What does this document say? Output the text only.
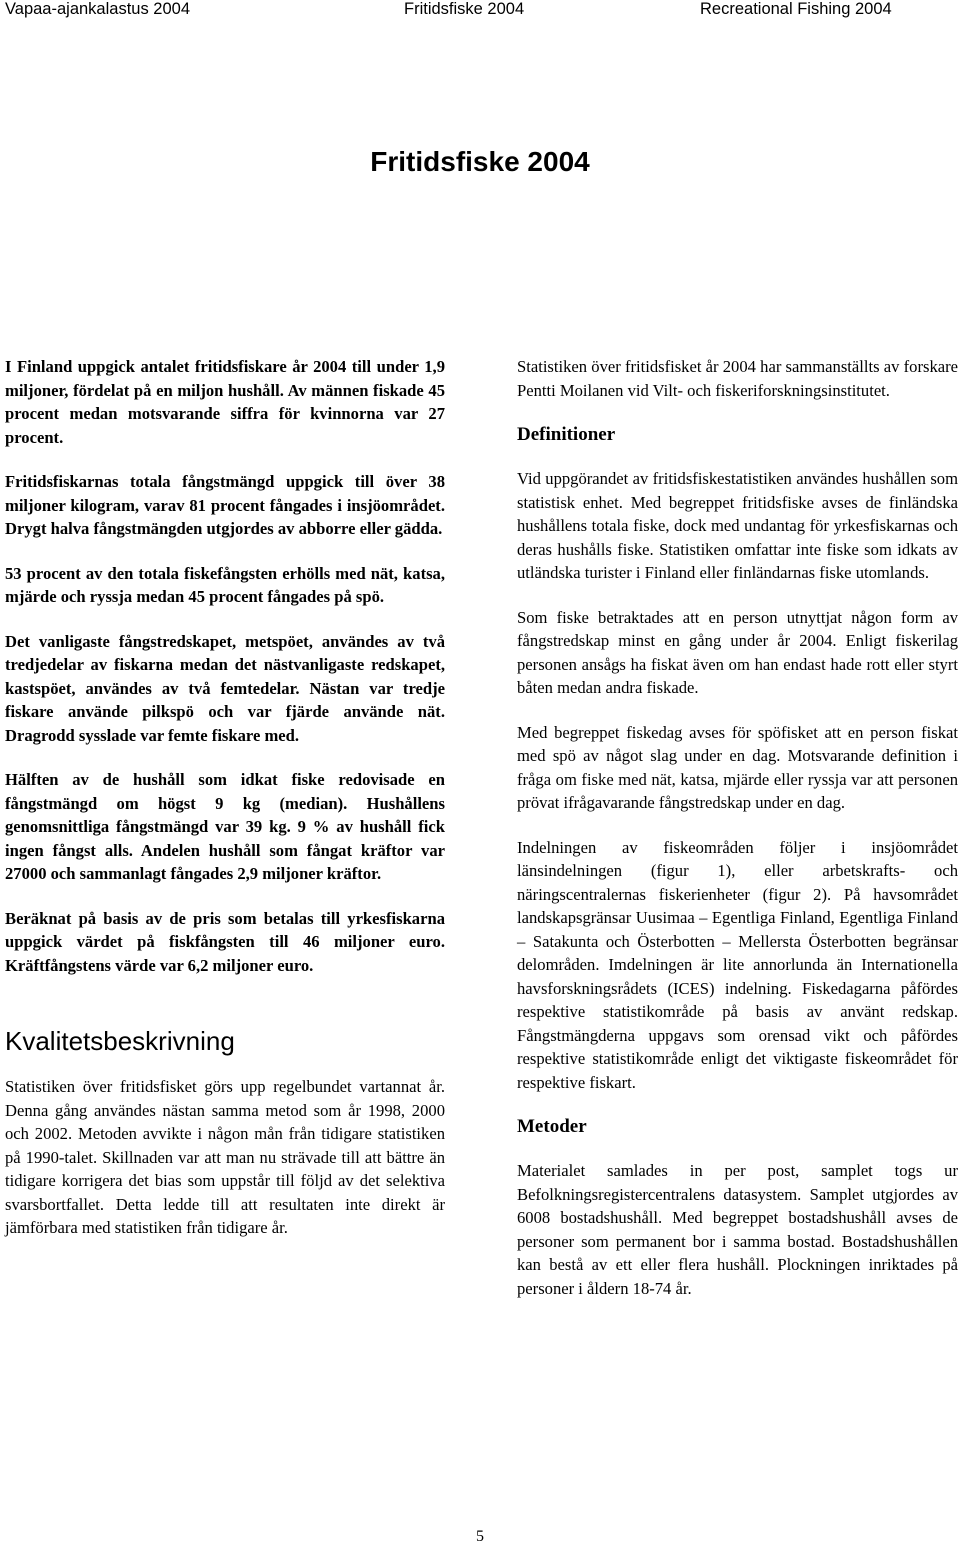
Vapaa-ajankalastus 2004	Fritidsfiske 2004	Recreational Fishing 2004
Fritidsfiske 2004

I Finland uppgick antalet fritidsfiskare år 2004 till under 1,9 miljoner, fördelat på en miljon hushåll. Av männen fiskade 45 procent medan motsvarande siffra för kvinnorna var 27 procent.

Fritidsfiskarnas totala fångstmängd uppgick till över 38 miljoner kilogram, varav 81 procent fångades i insjöområdet. Drygt halva fångstmängden utgjordes av abborre eller gädda.

53 procent av den totala fiskefångsten erhölls med nät, katsa, mjärde och ryssja medan 45 procent fångades på spö.

Det vanligaste fångstredskapet, metspöet, användes av två tredjedelar av fiskarna medan det nästvanligaste redskapet, kastspöet, användes av två femtedelar. Nästan var tredje fiskare använde pilkspö och var fjärde använde nät. Dragrodd sysslade var femte fiskare med.

Hälften av de hushåll som idkat fiske redovisade en fångstmängd om högst 9 kg (median). Hushållens genomsnittliga fångstmängd var 39 kg. 9 % av hushåll fick ingen fångst alls. Andelen hushåll som fångat kräftor var 27000 och sammanlagt fångades 2,9 miljoner kräftor.

Beräknat på basis av de pris som betalas till yrkesfiskarna uppgick värdet på fiskfångsten till 46 miljoner euro. Kräftfångstens värde var 6,2 miljoner euro.

Kvalitetsbeskrivning

Statistiken över fritidsfisket görs upp regelbundet vartannat år. Denna gång användes nästan samma metod som år 1998, 2000 och 2002. Metoden avvikte i någon mån från tidigare statistiken på 1990-talet. Skillnaden var att man nu strävade till att bättre än tidigare korrigera det bias som uppstår till följd av det selektiva svarsbortfallet. Detta ledde till att resultaten inte direkt är jämförbara med statistiken från tidigare år.

Statistiken över fritidsfisket år 2004 har sammanställts av forskare Pentti Moilanen vid Vilt- och fiskeriforskningsinstitutet.

Definitioner

Vid uppgörandet av fritidsfiskestatistiken användes hushållen som statistisk enhet. Med begreppet fritidsfiske avses de finländska hushållens totala fiske, dock med undantag för yrkesfiskarnas och deras hushålls fiske. Statistiken omfattar inte fiske som idkats av utländska turister i Finland eller finländarnas fiske utomlands.

Som fiske betraktades att en person utnyttjat någon form av fångstredskap minst en gång under år 2004. Enligt fiskerilag personen ansågs ha fiskat även om han endast hade rott eller styrt båten medan andra fiskade.

Med begreppet fiskedag avses för spöfisket att en person fiskat med spö av något slag under en dag. Motsvarande definition i fråga om fiske med nät, katsa, mjärde eller ryssja var att personen prövat ifrågavarande fångstredskap under en dag.

Indelningen av fiskeområden följer i insjöområdet länsindelningen (figur 1), eller arbetskrafts- och näringscentralernas fiskerienheter (figur 2). På havsområdet landskapsgränsar Uusimaa – Egentliga Finland, Egentliga Finland – Satakunta och Österbotten – Mellersta Österbotten begränsar delområden. Imdelningen är lite annorlunda än Internationella havsforskningsrådets (ICES) indelning. Fiskedagarna påfördes respektive statistikområde på basis av använt redskap. Fångstmängderna uppgavs som orensad vikt och påfördes respektive statistikområde enligt det viktigaste fiskeområdet för respektive fiskart.

Metoder

Materialet samlades in per post, samplet togs ur Befolkningsregistercentralens datasystem. Samplet utgjordes av 6008 bostadshushåll. Med begreppet bostadshushåll avses de personer som permanent bor i samma bostad. Bostadshushållen kan bestå av ett eller flera hushåll. Plockningen inriktades på personer i åldern 18-74 år.

5
